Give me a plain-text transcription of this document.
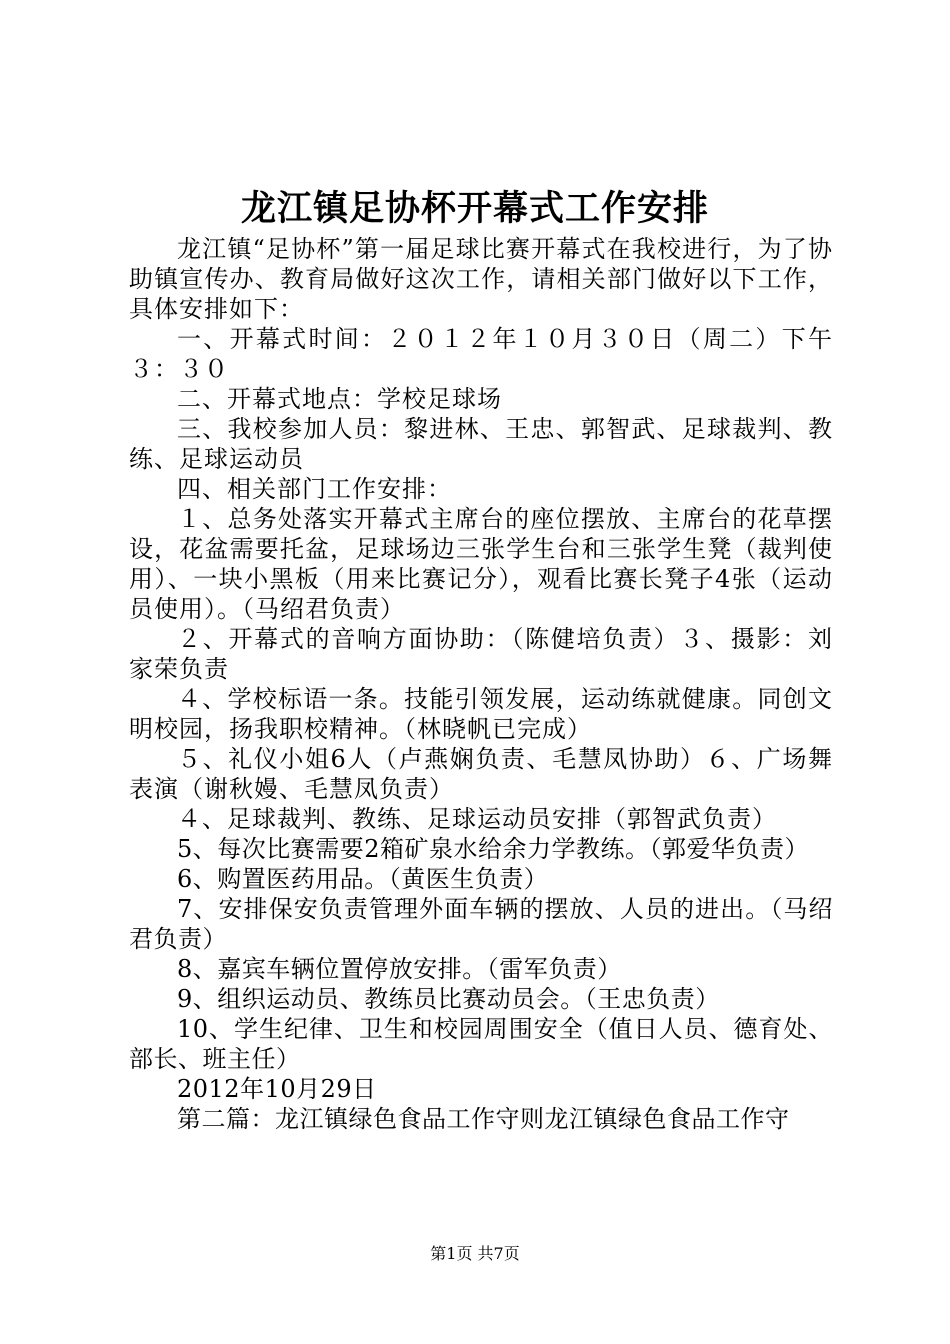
龙江镇足协杯开幕式工作安排

龙江镇“足协杯”第一届足球比赛开幕式在我校进行，为了协助镇宣传办、教育局做好这次工作，请相关部门做好以下工作，具体安排如下：

一、开幕式时间：２０１２年１０月３０日（周二）下午３：３０

二、开幕式地点：学校足球场

三、我校参加人员：黎进林、王忠、郭智武、足球裁判、教练、足球运动员

四、相关部门工作安排：

１、总务处落实开幕式主席台的座位摆放、主席台的花草摆设，花盆需要托盆，足球场边三张学生台和三张学生凳（裁判使用）、一块小黑板（用来比赛记分），观看比赛长凳子4张（运动员使用）。（马绍君负责）

２、开幕式的音响方面协助：（陈健培负责）３、摄影：刘家荣负责

４、学校标语一条。技能引领发展，运动练就健康。同创文明校园，扬我职校精神。（林晓帆已完成）

５、礼仪小姐6人（卢燕娴负责、毛慧凤协助）６、广场舞表演（谢秋嫚、毛慧凤负责）

４、足球裁判、教练、足球运动员安排（郭智武负责）

5、每次比赛需要2箱矿泉水给余力学教练。（郭爱华负责）

6、购置医药用品。（黄医生负责）

7、安排保安负责管理外面车辆的摆放、人员的进出。（马绍君负责）

8、嘉宾车辆位置停放安排。（雷军负责）

9、组织运动员、教练员比赛动员会。（王忠负责）

10、学生纪律、卫生和校园周围安全（值日人员、德育处、部长、班主任）

2012年10月29日

第二篇：龙江镇绿色食品工作守则龙江镇绿色食品工作守

第1页 共7页
